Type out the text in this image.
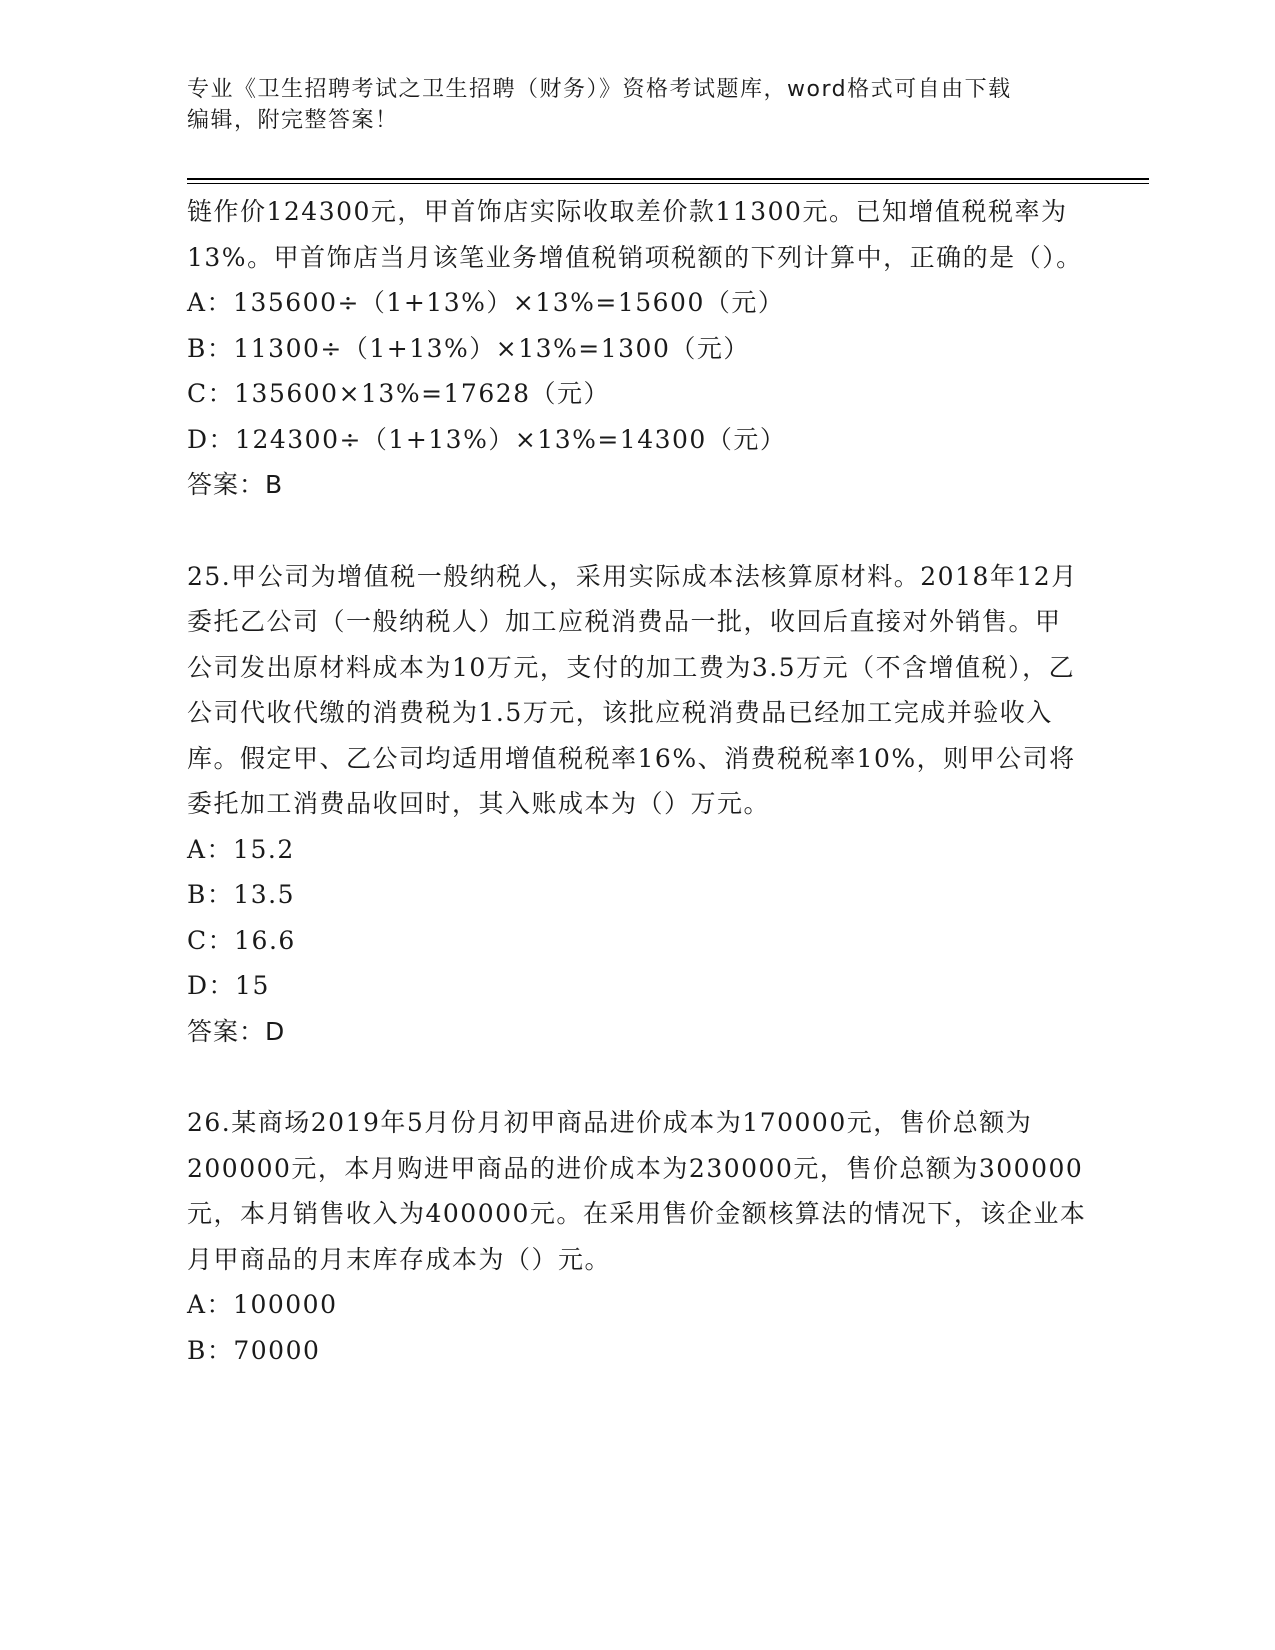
专业《卫生招聘考试之卫生招聘（财务）》资格考试题库，word格式可自由下载
编辑，附完整答案！
链作价124300元，甲首饰店实际收取差价款11300元。已知增值税税率为13%。甲首饰店当月该笔业务增值税销项税额的下列计算中，正确的是（）。
A：135600÷（1+13%）×13%=15600（元）
B：11300÷（1+13%）×13%=1300（元）
C：135600×13%=17628（元）
D：124300÷（1+13%）×13%=14300（元）
答案：B
25.甲公司为增值税一般纳税人，采用实际成本法核算原材料。2018年12月委托乙公司（一般纳税人）加工应税消费品一批，收回后直接对外销售。甲公司发出原材料成本为10万元，支付的加工费为3.5万元（不含增值税），乙公司代收代缴的消费税为1.5万元，该批应税消费品已经加工完成并验收入库。假定甲、乙公司均适用增值税税率16%、消费税税率10%，则甲公司将委托加工消费品收回时，其入账成本为（）万元。
A：15.2
B：13.5
C：16.6
D：15
答案：D
26.某商场2019年5月份月初甲商品进价成本为170000元，售价总额为200000元，本月购进甲商品的进价成本为230000元，售价总额为300000元，本月销售收入为400000元。在采用售价金额核算法的情况下，该企业本月甲商品的月末库存成本为（）元。
A：100000
B：70000
